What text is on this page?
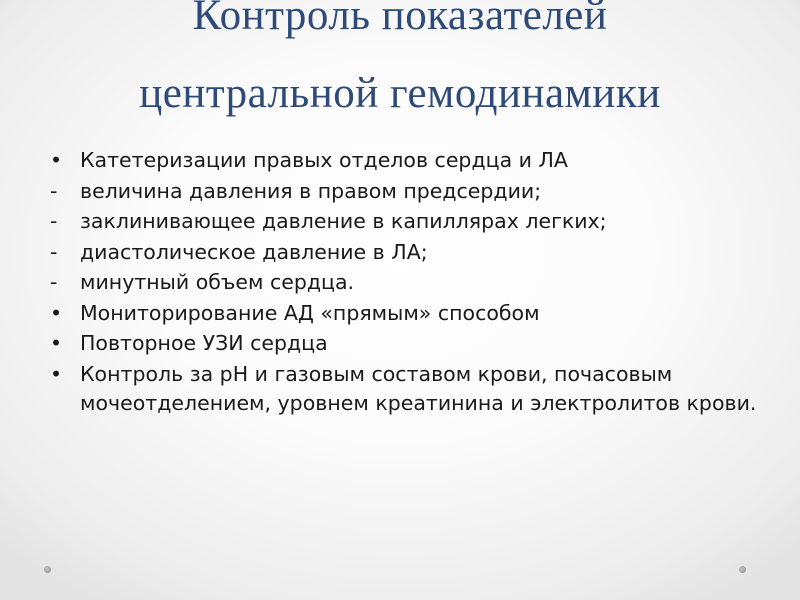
Контроль показателей
центральной гемодинамики
• Катетеризации правых отделов сердца и ЛА
-	величина давления в правом предсердии;
-	заклинивающее давление в капиллярах легких;
-	диастолическое давление в ЛА;
-	минутный объем сердца.
• Мониторирование АД «прямым» способом
• Повторное УЗИ сердца
• Контроль за рН и газовым составом крови, почасовым мочеотделением, уровнем креатинина и электролитов крови.
